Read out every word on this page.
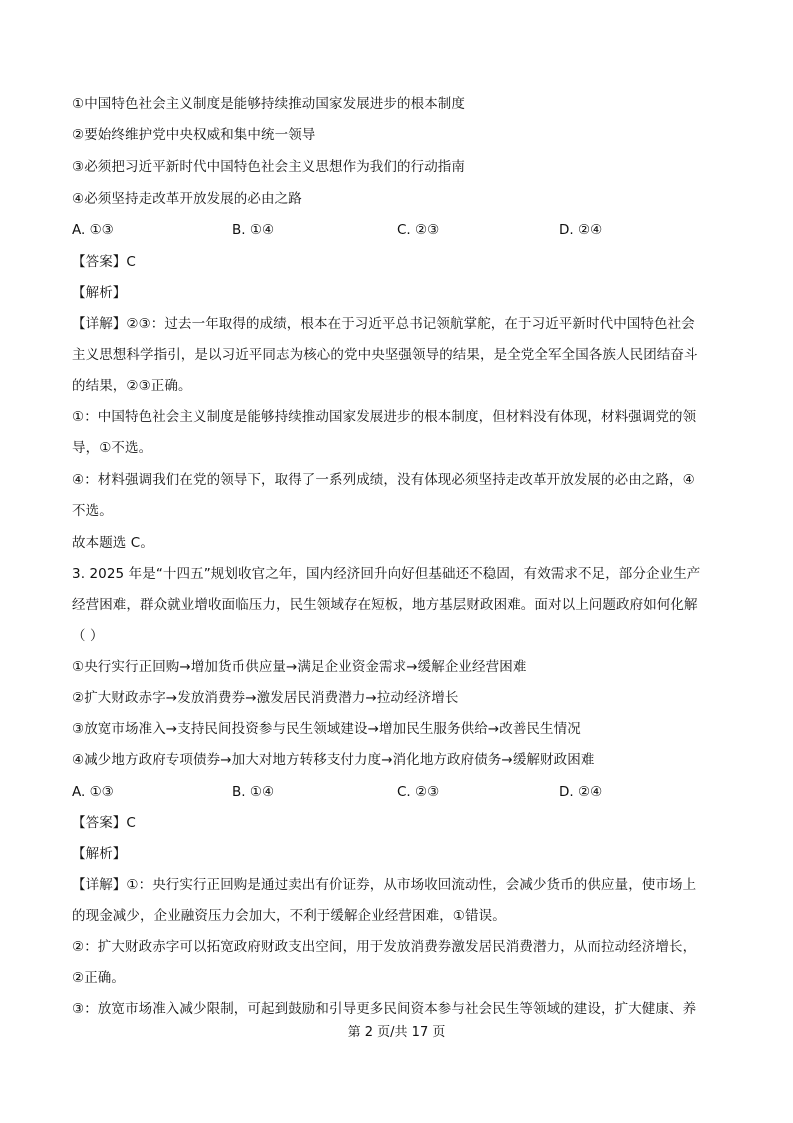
①中国特色社会主义制度是能够持续推动国家发展进步的根本制度
②要始终维护党中央权威和集中统一领导
③必须把习近平新时代中国特色社会主义思想作为我们的行动指南
④必须坚持走改革开放发展的必由之路
A. ①③	B. ①④	C. ②③	D. ②④
【答案】C
【解析】
【详解】②③：过去一年取得的成绩，根本在于习近平总书记领航掌舵，在于习近平新时代中国特色社会
主义思想科学指引，是以习近平同志为核心的党中央坚强领导的结果，是全党全军全国各族人民团结奋斗
的结果，②③正确。
①：中国特色社会主义制度是能够持续推动国家发展进步的根本制度，但材料没有体现，材料强调党的领
导，①不选。
④：材料强调我们在党的领导下，取得了一系列成绩，没有体现必须坚持走改革开放发展的必由之路，④
不选。
故本题选 C。
3. 2025 年是“十四五”规划收官之年，国内经济回升向好但基础还不稳固，有效需求不足，部分企业生产
经营困难，群众就业增收面临压力，民生领域存在短板，地方基层财政困难。面对以上问题政府如何化解
（ ）
①央行实行正回购→增加货币供应量→满足企业资金需求→缓解企业经营困难
②扩大财政赤字→发放消费券→激发居民消费潜力→拉动经济增长
③放宽市场准入→支持民间投资参与民生领域建设→增加民生服务供给→改善民生情况
④减少地方政府专项债券→加大对地方转移支付力度→消化地方政府债务→缓解财政困难
A. ①③	B. ①④	C. ②③	D. ②④
【答案】C
【解析】
【详解】①：央行实行正回购是通过卖出有价证券，从市场收回流动性，会减少货币的供应量，使市场上
的现金减少，企业融资压力会加大，不利于缓解企业经营困难，①错误。
②：扩大财政赤字可以拓宽政府财政支出空间，用于发放消费券激发居民消费潜力，从而拉动经济增长，
②正确。
③：放宽市场准入减少限制，可起到鼓励和引导更多民间资本参与社会民生等领域的建设，扩大健康、养
第 2 页/共 17 页
